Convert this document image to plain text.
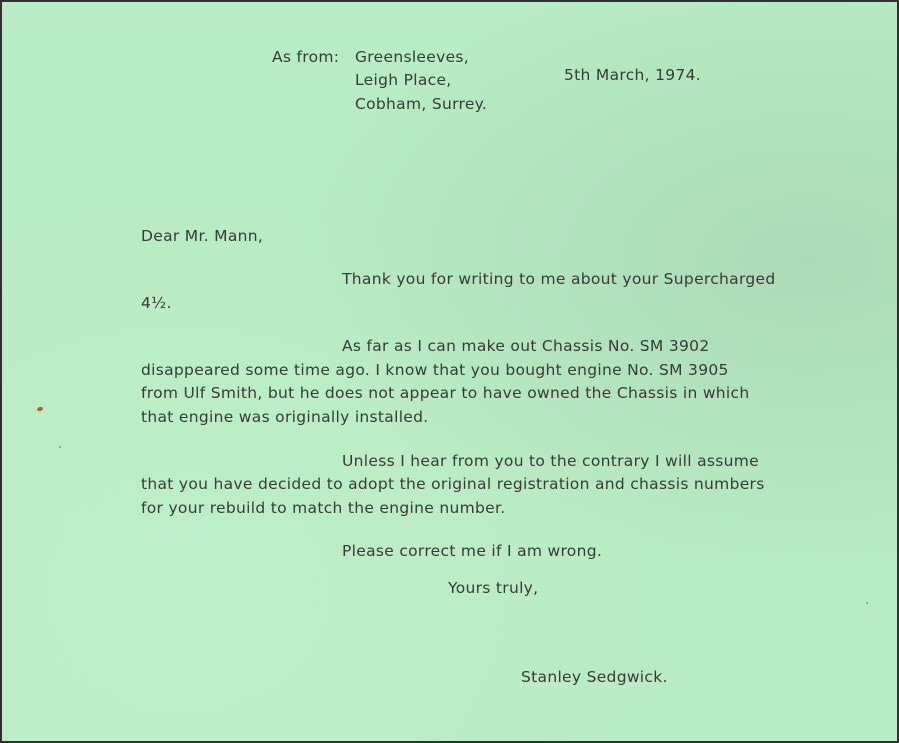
As from: Greensleeves,
Leigh Place,
Cobham, Surrey.
5th March, 1974.
Dear Mr. Mann,
Thank you for writing to me about your Supercharged
4½.
As far as I can make out Chassis No. SM 3902
disappeared some time ago. I know that you bought engine No. SM 3905
from Ulf Smith, but he does not appear to have owned the Chassis in which
that engine was originally installed.
Unless I hear from you to the contrary I will assume
that you have decided to adopt the original registration and chassis numbers
for your rebuild to match the engine number.
Please correct me if I am wrong.
Yours truly,
Stanley Sedgwick.
